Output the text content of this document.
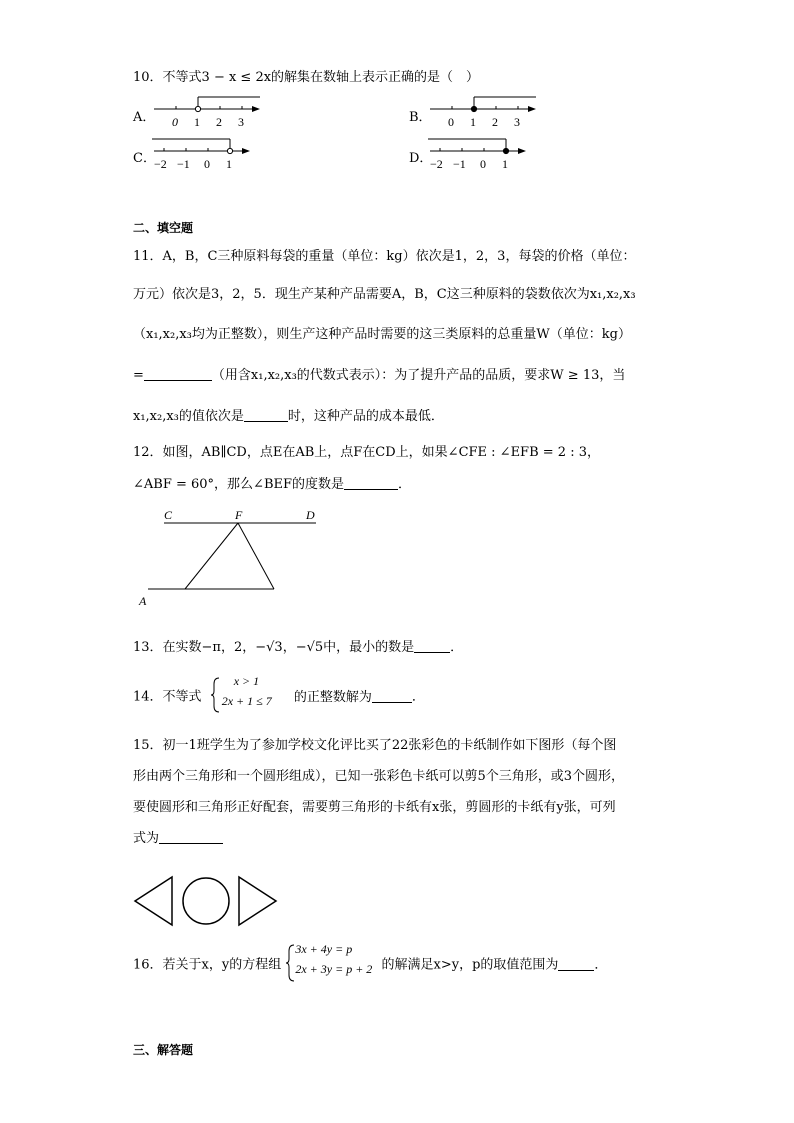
10．不等式3 − x ≤ 2x的解集在数轴上表示正确的是（　）
A． 0 1 2 3	B． 0 1 2 3
C．
−2 −1 0 1	D．
−2 −1 0 1
二、填空题
11．A，B，C三种原料每袋的重量（单位：kg）依次是1，2，3，每袋的价格（单位：
万元）依次是3，2，5．现生产某种产品需要A，B，C这三种原料的袋数依次为x₁,x₂,x₃
（x₁,x₂,x₃均为正整数），则生产这种产品时需要的这三类原料的总重量W（单位：kg）
=	（用含x₁,x₂,x₃的代数式表示）：为了提升产品的品质，要求W ≥ 13，当
x₁,x₂,x₃的值依次是	时，这种产品的成本最低．
12．如图，AB∥CD，点E在AB上，点F在CD上，如果∠CFE : ∠EFB = 2 : 3，
∠ABF = 60°，那么∠BEF的度数是	．
C	F	D
A
13．在实数−π，2，−√3，−√5中，最小的数是	．
14．不等式
x > 1
2x + 1 ≤ 7 的正整数解为	．
15．初一1班学生为了参加学校文化评比买了22张彩色的卡纸制作如下图形（每个图
形由两个三角形和一个圆形组成），已知一张彩色卡纸可以剪5个三角形，或3个圆形，
要使圆形和三角形正好配套，需要剪三角形的卡纸有x张，剪圆形的卡纸有y张，可列
式为
16．若关于x，y的方程组
3x + 4y = p
2x + 3y = p + 2 的解满足x>y，p的取值范围为	．
三、解答题
